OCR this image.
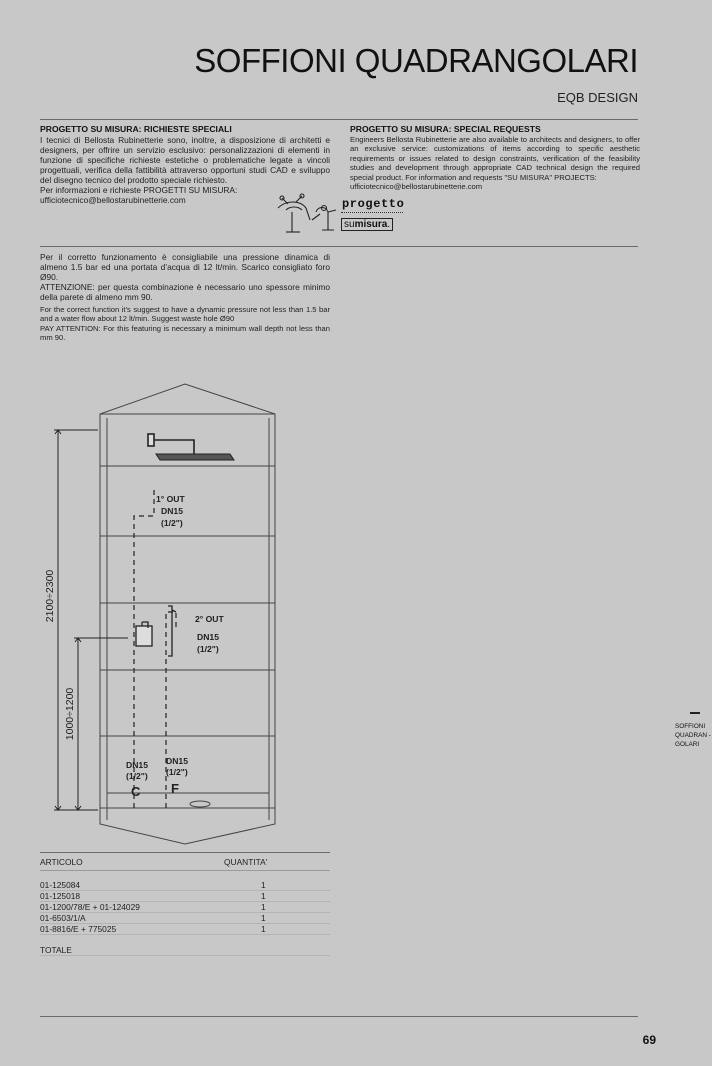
SOFFIONI QUADRANGOLARI
EQB DESIGN
PROGETTO SU MISURA: RICHIESTE SPECIALI

I tecnici di Bellosta Rubinetterie sono, inoltre, a disposizione di architetti e designers, per offrire un servizio esclusivo: personalizzazioni di elementi in funzione di specifiche richieste estetiche o problematiche legate a vincoli progettuali, verifica della fattibilità attraverso opportuni studi CAD e sviluppo del disegno tecnico del prodotto speciale richiesto.

Per informazioni e richieste PROGETTI SU MISURA:

ufficiotecnico@bellostarubinetterie.com

PROGETTO SU MISURA: SPECIAL REQUESTS

Engineers Bellosta Rubinetterie are also available to architects and designers, to offer an exclusive service: customizations of items according to specific aesthetic requirements or issues related to design constraints, verification of the feasibility studies and development through appropriate CAD technical design the required special product. For information and requests "SU MISURA" PROJECTS:

ufficiotecnico@bellostarubinetterie.com

progetto
sumisura.

Per il corretto funzionamento è consigliabile una pressione dinamica di almeno 1.5 bar ed una portata d’acqua di 12 lt/min. Scarico consigliato foro Ø90.

ATTENZIONE: per questa combinazione è necessario uno spessore minimo della parete di almeno mm 90.

For the correct function it’s suggest to have a dynamic pressure not less than 1.5 bar and a water flow about 12 lt/min. Suggest waste hole Ø90

PAY ATTENTION: For this featuring is necessary a minimum wall depth not less than mm 90.

2100÷2300
1000÷1200
1° OUT
DN15
(1/2")
2° OUT
DN15
(1/2")
DN15
(1/2")
DN15
(1/2")
C F
ARTICOLO	QUANTITA'
01-125084	1
01-125018	1
01-1200/78/E + 01-124029	1
01-6503/1/A	1
01-8816/E + 775025	1
TOTALE
SOFFIONI
QUADRAN -
GOLARI
69
